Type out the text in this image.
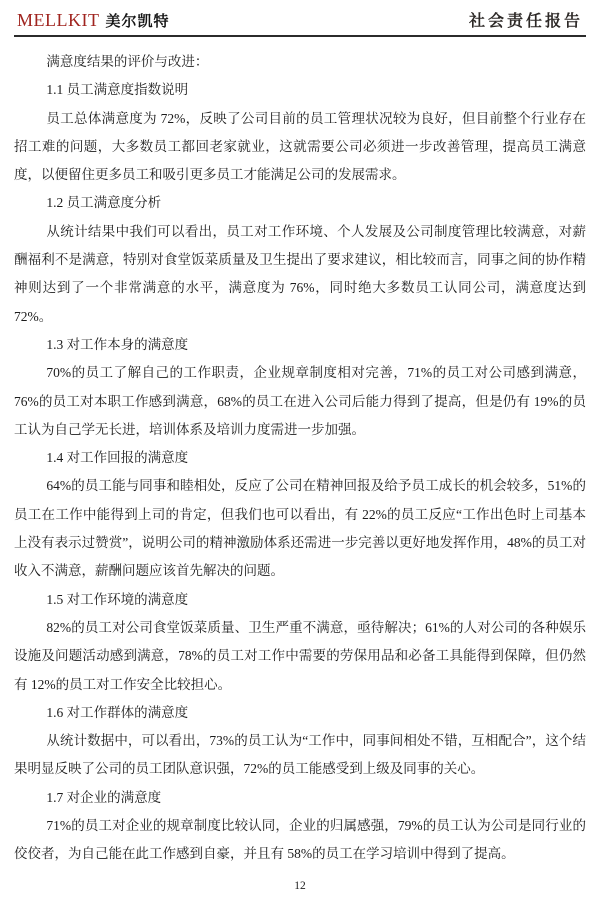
MELLKIT 美尔凯特	社会责任报告

满意度结果的评价与改进：

1.1 员工满意度指数说明

员工总体满意度为 72%，反映了公司目前的员工管理状况较为良好，但目前整个行业存在招工难的问题，大多数员工都回老家就业，这就需要公司必须进一步改善管理，提高员工满意度，以便留住更多员工和吸引更多员工才能满足公司的发展需求。

1.2 员工满意度分析

从统计结果中我们可以看出，员工对工作环境、个人发展及公司制度管理比较满意，对薪酬福利不是满意，特别对食堂饭菜质量及卫生提出了要求建议，相比较而言，同事之间的协作精神则达到了一个非常满意的水平，满意度为 76%，同时绝大多数员工认同公司，满意度达到 72%。

1.3 对工作本身的满意度

70%的员工了解自己的工作职责，企业规章制度相对完善，71%的员工对公司感到满意，76%的员工对本职工作感到满意，68%的员工在进入公司后能力得到了提高，但是仍有 19%的员工认为自己学无长进，培训体系及培训力度需进一步加强。

1.4 对工作回报的满意度

64%的员工能与同事和睦相处，反应了公司在精神回报及给予员工成长的机会较多，51%的员工在工作中能得到上司的肯定，但我们也可以看出，有 22%的员工反应“工作出色时上司基本上没有表示过赞赏”，说明公司的精神激励体系还需进一步完善以更好地发挥作用，48%的员工对收入不满意，薪酬问题应该首先解决的问题。

1.5 对工作环境的满意度

82%的员工对公司食堂饭菜质量、卫生严重不满意，亟待解决；61%的人对公司的各种娱乐设施及问题活动感到满意，78%的员工对工作中需要的劳保用品和必备工具能得到保障，但仍然有 12%的员工对工作安全比较担心。

1.6 对工作群体的满意度

从统计数据中，可以看出，73%的员工认为“工作中，同事间相处不错，互相配合”，这个结果明显反映了公司的员工团队意识强，72%的员工能感受到上级及同事的关心。

1.7 对企业的满意度

71%的员工对企业的规章制度比较认同，企业的归属感强，79%的员工认为公司是同行业的佼佼者，为自己能在此工作感到自豪，并且有 58%的员工在学习培训中得到了提高。

12
